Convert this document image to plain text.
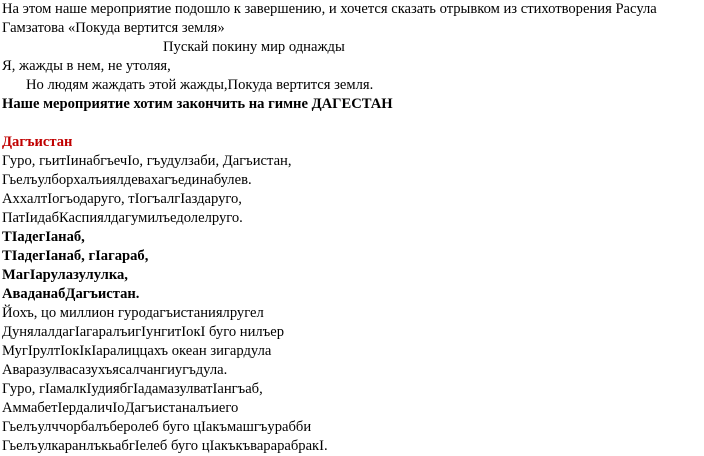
На этом наше мероприятие подошло к завершению, и хочется сказать отрывком из стихотворения Расула Гамзатова «Покуда вертится земля»
Пускай покину мир однажды
Я, жажды в нем, не утоляя,
Но людям жаждать этой жажды,Покуда вертится земля.
Наше мероприятие хотим закончить на гимне ДАГЕСТАН
Дагъистан
Гуро, гьитӀинабгъечӀо, гъудулзаби, Дагъистан,
Гьелъулборхалъиялдевахагъединабулев.
АххалтӀогъодаруго, тӀогъалгӀаздаруго,
ПатӀидабКаспиялдагумилъедолелруго.
ТӀадегӀанаб,
ТӀадегӀанаб, гӀагараб,
МагӀарулазулулка,
АваданабДагъистан.
Йохъ, цо миллион гуродагъистаниялругел
ДунялалдагӀагаралъигӀунгитӀокӀ буго нилъер
МугӀрултӀокӀкӀаралиццахъ океан зигардула
Аваразулвасазухъясалчангиугъдула.
Гуро, гӀамалкӀудиябгӀадамазулватӀангъаб,
АммабетӀердаличӀоДагъистаналъиего
Гьелъулччорбалъберолеб буго цӀакъмашгъурабби
ГьелъулкаранлъкьабгӀелеб буго цӀакъкъварарабракӀ.
